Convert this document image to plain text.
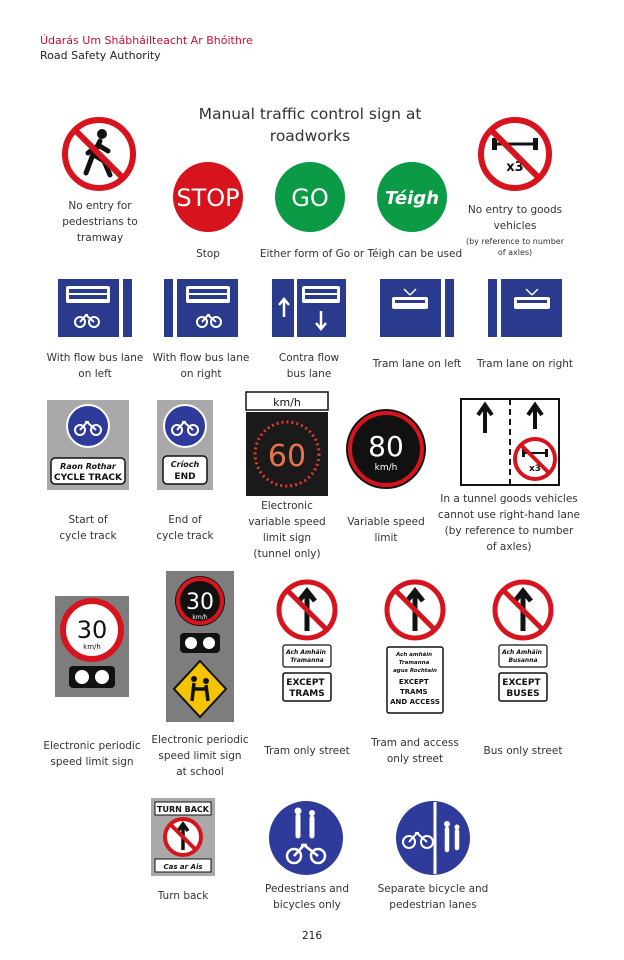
Údarás Um Shábháilteacht Ar Bhóithre
Road Safety Authority
Manual traffic control sign at roadworks
No entry for
pedestrians to
tramway
STOP
Stop
GO	Téigh
Either form of Go or Téigh can be used
x3
No entry to goods
vehicles
(by reference to number
of axles)
With flow bus lane
on left
With flow bus lane
on right
Contra flow
bus lane
Tram lane on left	Tram lane on right
Raon Rothar
CYCLE TRACK
Start of
cycle track
Críoch
END
End of
cycle track
km/h
60
Electronic
variable speed
limit sign
(tunnel only)
80
km/h
Variable speed
limit
x3
In a tunnel goods vehicles
cannot use right-hand lane
(by reference to number
of axles)
30
km/h
Electronic periodic
speed limit sign
30
km/h
Electronic periodic
speed limit sign
at school
Ach Amháin Tramanna
EXCEPT TRAMS
Tram only street
Ach amháin Tramanna agus Rochtain
EXCEPT TRAMS AND ACCESS
Tram and access
only street
Ach Amháin Busanna
EXCEPT BUSES
Bus only street
TURN BACK
Cas ar Ais
Turn back
Pedestrians and
bicycles only
Separate bicycle and
pedestrian lanes
216
